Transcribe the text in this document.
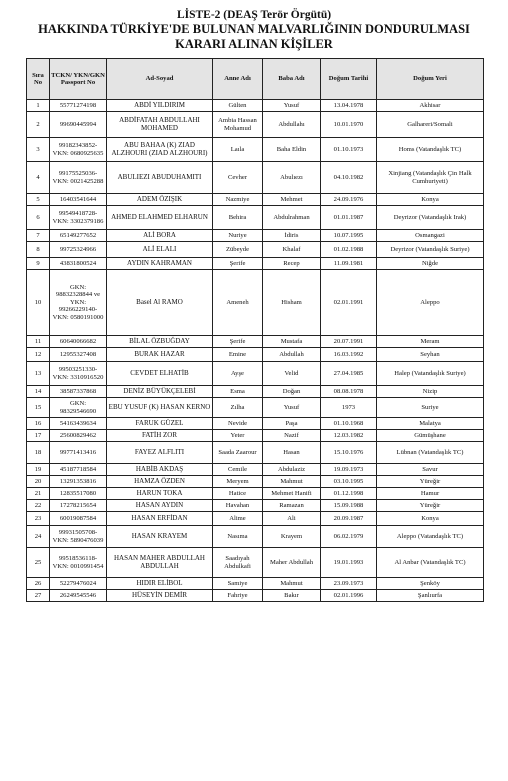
LİSTE-2 (DEAŞ Terör Örgütü)
HAKKINDA TÜRKİYE'DE BULUNAN MALVARLIĞININ DONDURULMASI
KARARI ALINAN KİŞİLER
Sıra No	TCKN/ YKN/GKN Passport No	Ad-Soyad	Anne Adı	Baba Adı	Doğum Tarihi	Doğum Yeri
1	55771274198	ABDİ YILDIRIM	Gülten	Yusuf	13.04.1978	Akhisar
2	99690445994	ABDİFATAH ABDULLAHI MOHAMED	Ambia Hassan Mohamud	Abdullahı	10.01.1970	Galhareri/Somali
3	99182343852- VKN: 0680925635	ABU BAHAA (K) ZIAD ALZHOURI (ZIAD ALZHOURI)	Laıla	Baha Eldin	01.10.1973	Homs (Vatandaşlık TC)
4	99175525036- VKN: 0021425288	ABULIEZI ABUDUHAMITI	Cevher	Abulıezı	04.10.1982	Xinjiang (Vatandaşlık Çin Halk Cumhuriyeti)
5	16403541644	ADEM ÖZIŞIK	Nazmiye	Mehmet	24.09.1976	Konya
6	99549418728- VKN: 3302379186	AHMED ELAHMED ELHARUN	Behira	Abdulrahman	01.01.1987	Deyrizor (Vatandaşlık Irak)
7	65149277652	ALİ BORA	Nuriye	İdiris	10.07.1995	Osmangazi
8	99725324966	ALİ ELALI	Zübeyde	Khalaf	01.02.1988	Deyrizor (Vatandaşlık Suriye)
9	43831800524	AYDIN KAHRAMAN	Şerife	Recep	11.09.1981	Niğde
10	GKN: 98832328844 ve YKN: 99266229140- VKN: 0580191000	Basel Al RAMO	Ameneh	Hisham	02.01.1991	Aleppo
11	60640066682	BİLAL ÖZBUĞDAY	Şerife	Mustafa	20.07.1991	Meram
12	12955327408	BURAK HAZAR	Emine	Abdullah	16.03.1992	Seyhan
13	99503251330- VKN: 3310916520	CEVDET ELHATİB	Ayşe	Velid	27.04.1985	Halep (Vatandaşlık Suriye)
14	38587337868	DENİZ BÜYÜKÇELEBİ	Esma	Doğan	08.08.1978	Nizip
15	GKN: 98329546690	EBU YUSUF (K) HASAN KERNO	Zılha	Yusuf	1973	Suriye
16	54163439634	FARUK GÜZEL	Nevide	Paşa	01.10.1968	Malatya
17	25600829462	FATİH ZOR	Yeter	Nazif	12.03.1982	Gümüşhane
18	99771413416	FAYEZ ALFLITI	Saada Zaarour	Hasan	15.10.1976	Lübnan (Vatandaşlık TC)
19	45187718584	HABİB AKDAŞ	Cemile	Abdulaziz	19.09.1973	Savur
20	13291353816	HAMZA ÖZDEN	Meryem	Mahmut	03.10.1995	Yüreğir
21	12835517080	HARUN TOKA	Hatice	Mehmet Hanifi	01.12.1998	Hamur
22	17278215654	HASAN AYDIN	Havahan	Ramazan	15.09.1988	Yüreğir
23	60019087584	HASAN ERFİDAN	Alime	Ali	20.09.1987	Konya
24	99931505708- VKN: 5890476039	HASAN KRAYEM	Nasıma	Krayem	06.02.1979	Aleppo (Vatandaşlık TC)
25	99518536118- VKN: 0010991454	HASAN MAHER ABDULLAH ABDULLAH	Saadıyah Abdulkafi	Maher Abdullah	19.01.1993	Al Anbar (Vatandaşlık TC)
26	52279476024	HIDIR ELİBOL	Samiye	Mahmut	23.09.1973	Şenköy
27	26249545546	HÜSEYİN DEMİR	Fahriye	Bakır	02.01.1996	Şanlıurfa
